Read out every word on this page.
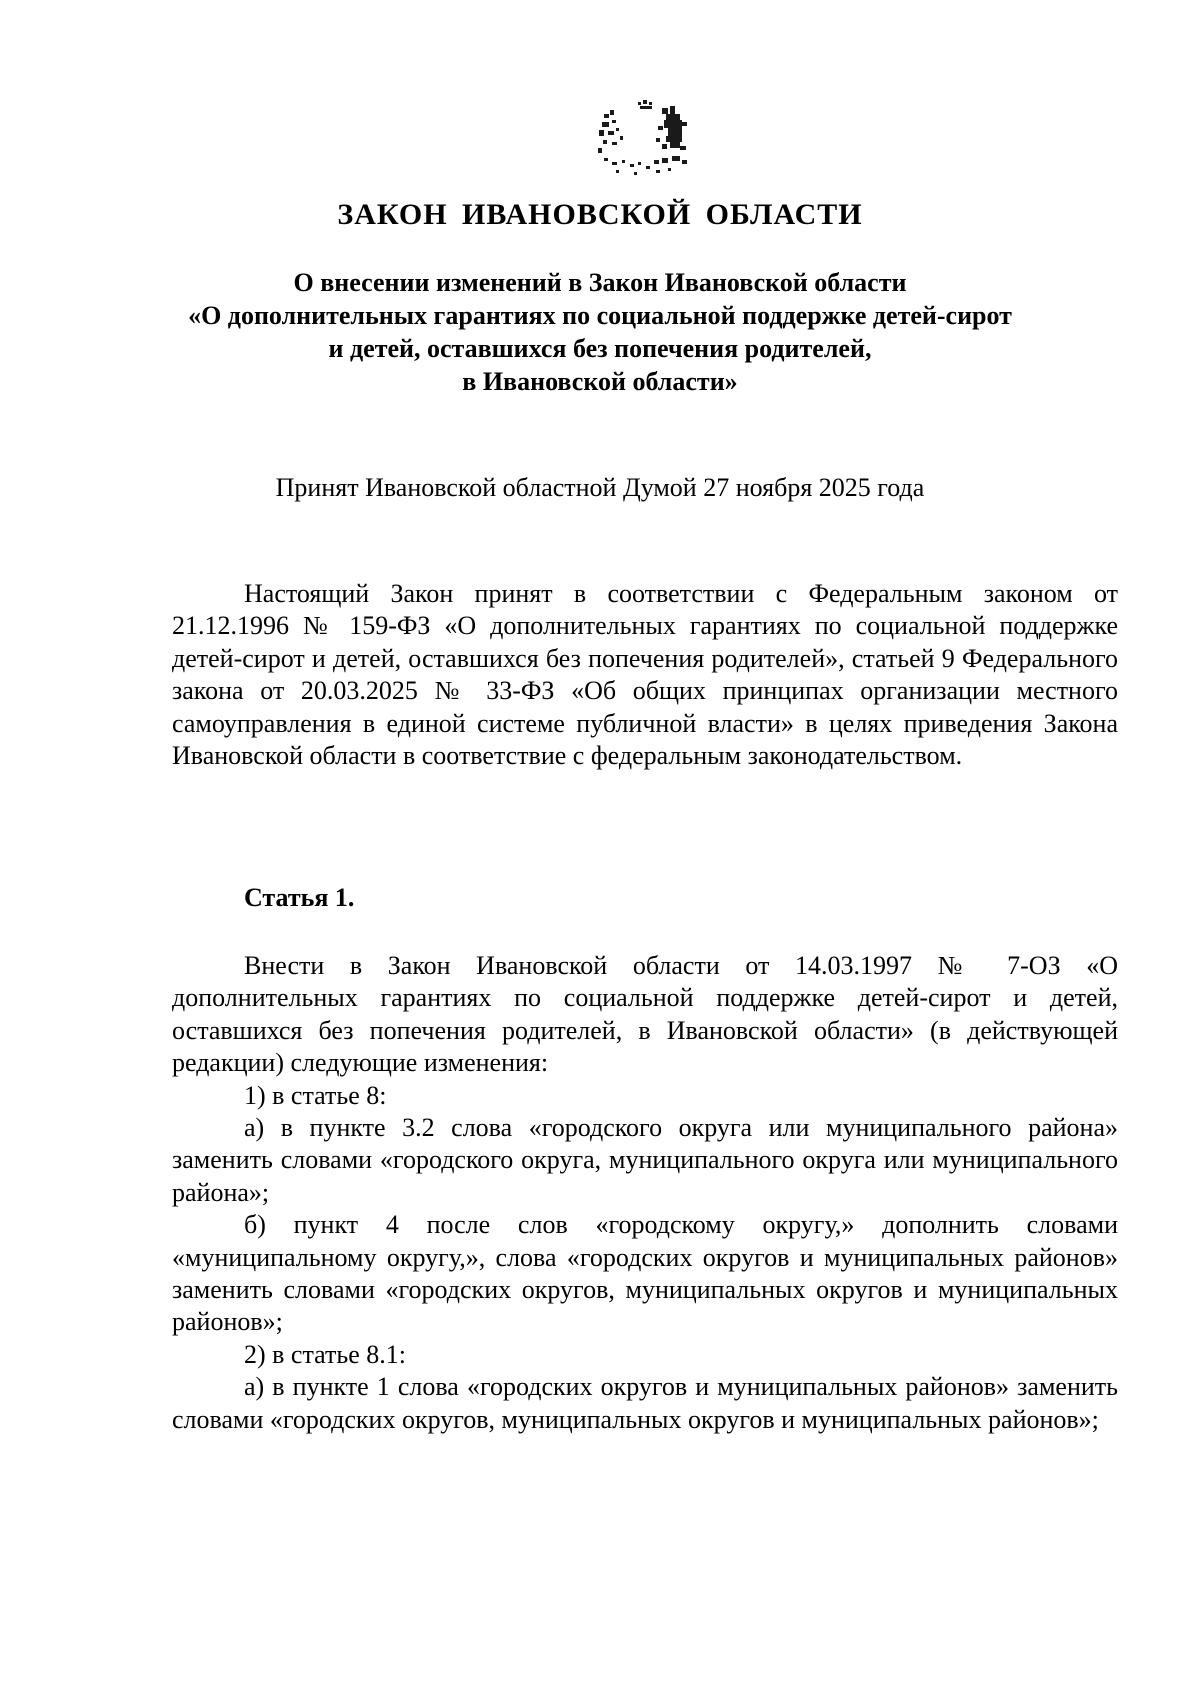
ЗАКОН ИВАНОВСКОЙ ОБЛАСТИ
О внесении изменений в Закон Ивановской области
«О дополнительных гарантиях по социальной поддержке детей-сирот
и детей, оставшихся без попечения родителей,
в Ивановской области»
Принят Ивановской областной Думой 27 ноября 2025 года

Настоящий Закон принят в соответствии с Федеральным законом от 21.12.1996 № 159-ФЗ «О дополнительных гарантиях по социальной поддержке детей-сирот и детей, оставшихся без попечения родителей», статьей 9 Федерального закона от 20.03.2025 № 33-ФЗ «Об общих принципах организации местного самоуправления в единой системе публичной власти» в целях приведения Закона Ивановской области в соответствие с федеральным законодательством.

Статья 1.

Внести в Закон Ивановской области от 14.03.1997 № 7-ОЗ «О дополнительных гарантиях по социальной поддержке детей-сирот и детей, оставшихся без попечения родителей, в Ивановской области» (в действующей редакции) следующие изменения:

1) в статье 8:

а) в пункте 3.2 слова «городского округа или муниципального района» заменить словами «городского округа, муниципального округа или муниципального района»;

б) пункт 4 после слов «городскому округу,» дополнить словами «муниципальному округу,», слова «городских округов и муниципальных районов» заменить словами «городских округов, муниципальных округов и муниципальных районов»;

2) в статье 8.1:

а) в пункте 1 слова «городских округов и муниципальных районов» заменить словами «городских округов, муниципальных округов и муниципальных районов»;
